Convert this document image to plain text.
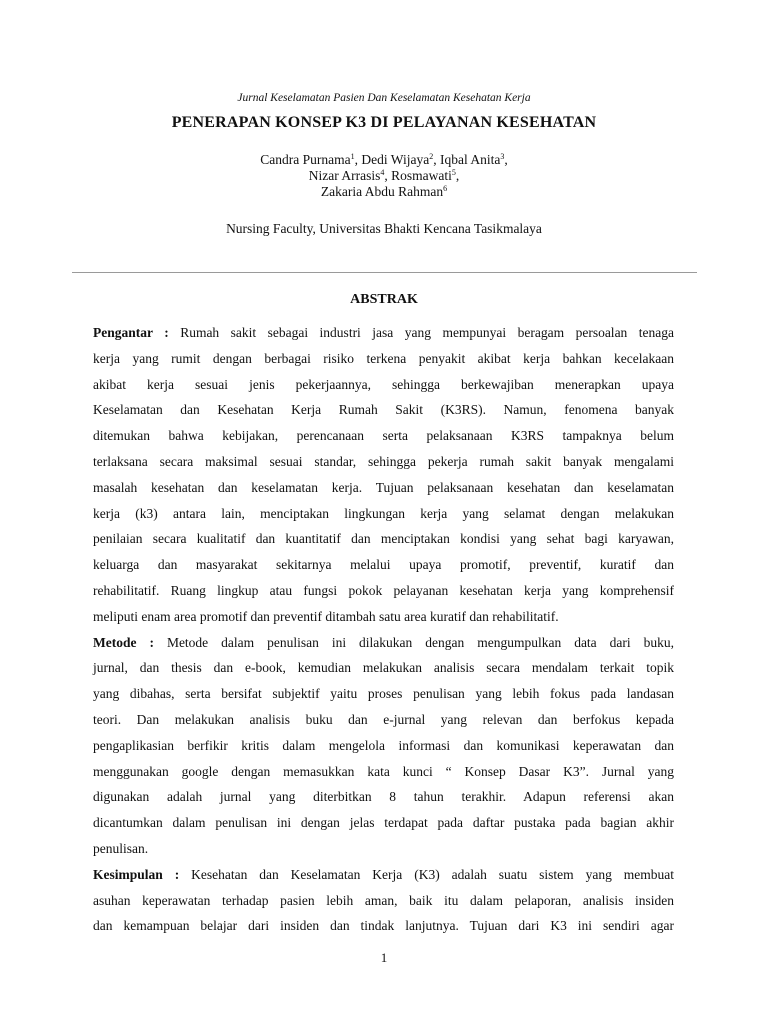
Jurnal Keselamatan Pasien Dan Keselamatan Kesehatan Kerja
PENERAPAN KONSEP K3 DI PELAYANAN KESEHATAN
Candra Purnama$^1$, Dedi Wijaya$^2$, Iqbal Anita$^3$,
Nizar Arrasis$^4$, Rosmawati$^5$,
Zakaria Abdu Rahman$^6$
Nursing Faculty, Universitas Bhakti Kencana Tasikmalaya
ABSTRAK
Pengantar : Rumah sakit sebagai industri jasa yang mempunyai beragam persoalan tenaga
kerja yang rumit dengan berbagai risiko terkena penyakit akibat kerja bahkan kecelakaan
akibat kerja sesuai jenis pekerjaannya, sehingga berkewajiban menerapkan upaya
Keselamatan dan Kesehatan Kerja Rumah Sakit (K3RS). Namun, fenomena banyak
ditemukan bahwa kebijakan, perencanaan serta pelaksanaan K3RS tampaknya belum
terlaksana secara maksimal sesuai standar, sehingga pekerja rumah sakit banyak mengalami
masalah kesehatan dan keselamatan kerja. Tujuan pelaksanaan kesehatan dan keselamatan
kerja (k3) antara lain, menciptakan lingkungan kerja yang selamat dengan melakukan
penilaian secara kualitatif dan kuantitatif dan menciptakan kondisi yang sehat bagi karyawan,
keluarga dan masyarakat sekitarnya melalui upaya promotif, preventif, kuratif dan
rehabilitatif. Ruang lingkup atau fungsi pokok pelayanan kesehatan kerja yang komprehensif
meliputi enam area promotif dan preventif ditambah satu area kuratif dan rehabilitatif.
Metode : Metode dalam penulisan ini dilakukan dengan mengumpulkan data dari buku,
jurnal, dan thesis dan e-book, kemudian melakukan analisis secara mendalam terkait topik
yang dibahas, serta bersifat subjektif yaitu proses penulisan yang lebih fokus pada landasan
teori. Dan melakukan analisis buku dan e-jurnal yang relevan dan berfokus kepada
pengaplikasian berfikir kritis dalam mengelola informasi dan komunikasi keperawatan dan
menggunakan google dengan memasukkan kata kunci “ Konsep Dasar K3”. Jurnal yang
digunakan adalah jurnal yang diterbitkan 8 tahun terakhir. Adapun referensi akan
dicantumkan dalam penulisan ini dengan jelas terdapat pada daftar pustaka pada bagian akhir
penulisan.
Kesimpulan : Kesehatan dan Keselamatan Kerja (K3) adalah suatu sistem yang membuat
asuhan keperawatan terhadap pasien lebih aman, baik itu dalam pelaporan, analisis insiden
dan kemampuan belajar dari insiden dan tindak lanjutnya. Tujuan dari K3 ini sendiri agar
1
